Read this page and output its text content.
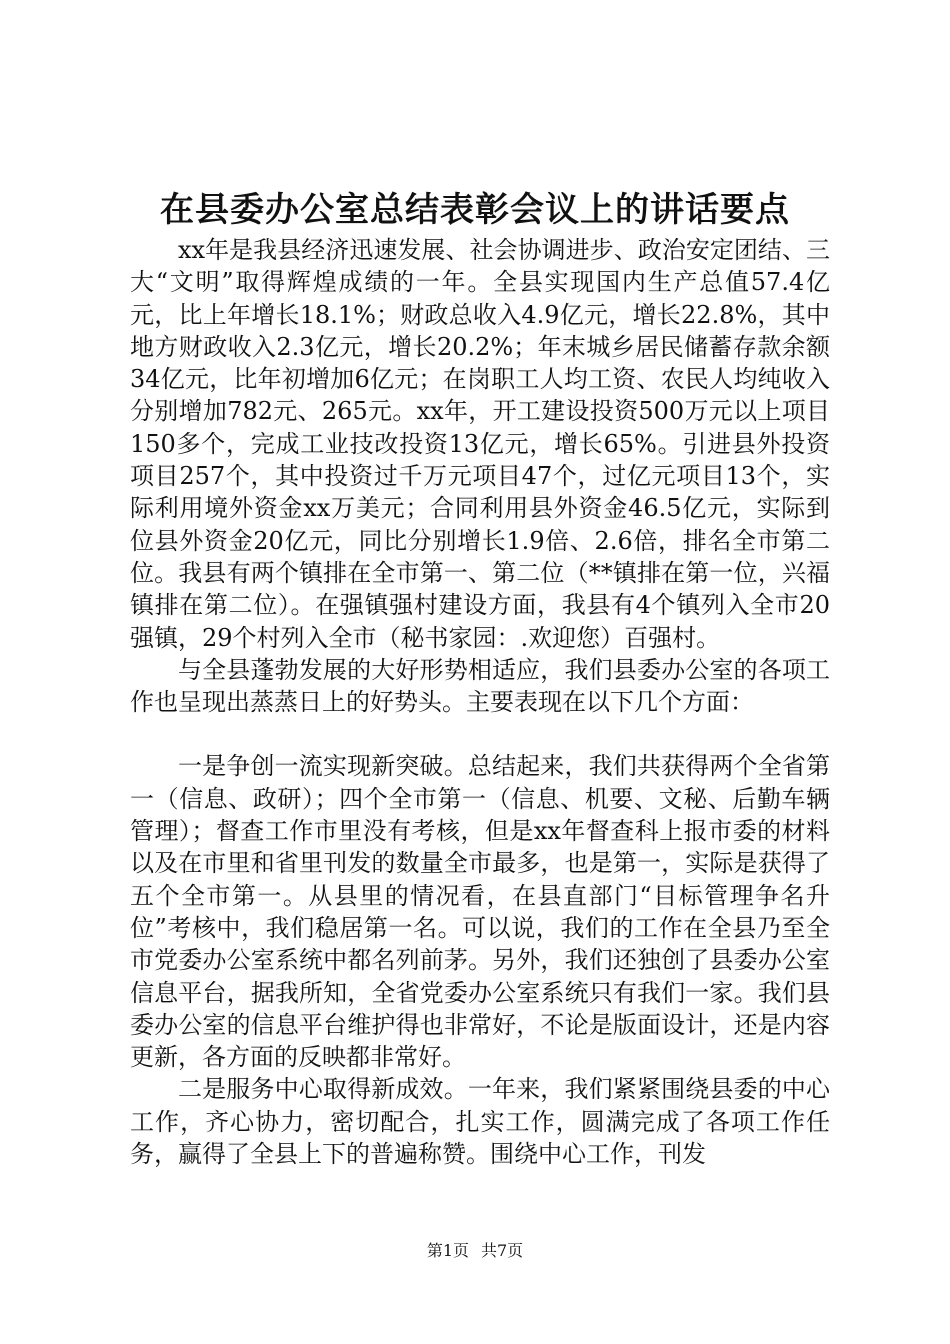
在县委办公室总结表彰会议上的讲话要点

xx年是我县经济迅速发展、社会协调进步、政治安定团结、三大“文明”取得辉煌成绩的一年。全县实现国内生产总值57.4亿元，比上年增长18.1%；财政总收入4.9亿元，增长22.8%，其中地方财政收入2.3亿元，增长20.2%；年末城乡居民储蓄存款余额34亿元，比年初增加6亿元；在岗职工人均工资、农民人均纯收入分别增加782元、265元。xx年，开工建设投资500万元以上项目150多个，完成工业技改投资13亿元，增长65%。引进县外投资项目257个，其中投资过千万元项目47个，过亿元项目13个，实际利用境外资金xx万美元；合同利用县外资金46.5亿元，实际到位县外资金20亿元，同比分别增长1.9倍、2.6倍，排名全市第二位。我县有两个镇排在全市第一、第二位（**镇排在第一位，兴福镇排在第二位）。在强镇强村建设方面，我县有4个镇列入全市20强镇，29个村列入全市（秘书家园：.欢迎您）百强村。

与全县蓬勃发展的大好形势相适应，我们县委办公室的各项工作也呈现出蒸蒸日上的好势头。主要表现在以下几个方面：

一是争创一流实现新突破。总结起来，我们共获得两个全省第一（信息、政研）；四个全市第一（信息、机要、文秘、后勤车辆管理）；督查工作市里没有考核，但是xx年督查科上报市委的材料以及在市里和省里刊发的数量全市最多，也是第一，实际是获得了五个全市第一。从县里的情况看，在县直部门“目标管理争名升位”考核中，我们稳居第一名。可以说，我们的工作在全县乃至全市党委办公室系统中都名列前茅。另外，我们还独创了县委办公室信息平台，据我所知，全省党委办公室系统只有我们一家。我们县委办公室的信息平台维护得也非常好，不论是版面设计，还是内容更新，各方面的反映都非常好。

二是服务中心取得新成效。一年来，我们紧紧围绕县委的中心工作，齐心协力，密切配合，扎实工作，圆满完成了各项工作任务，赢得了全县上下的普遍称赞。围绕中心工作，刊发

第1页 共7页
